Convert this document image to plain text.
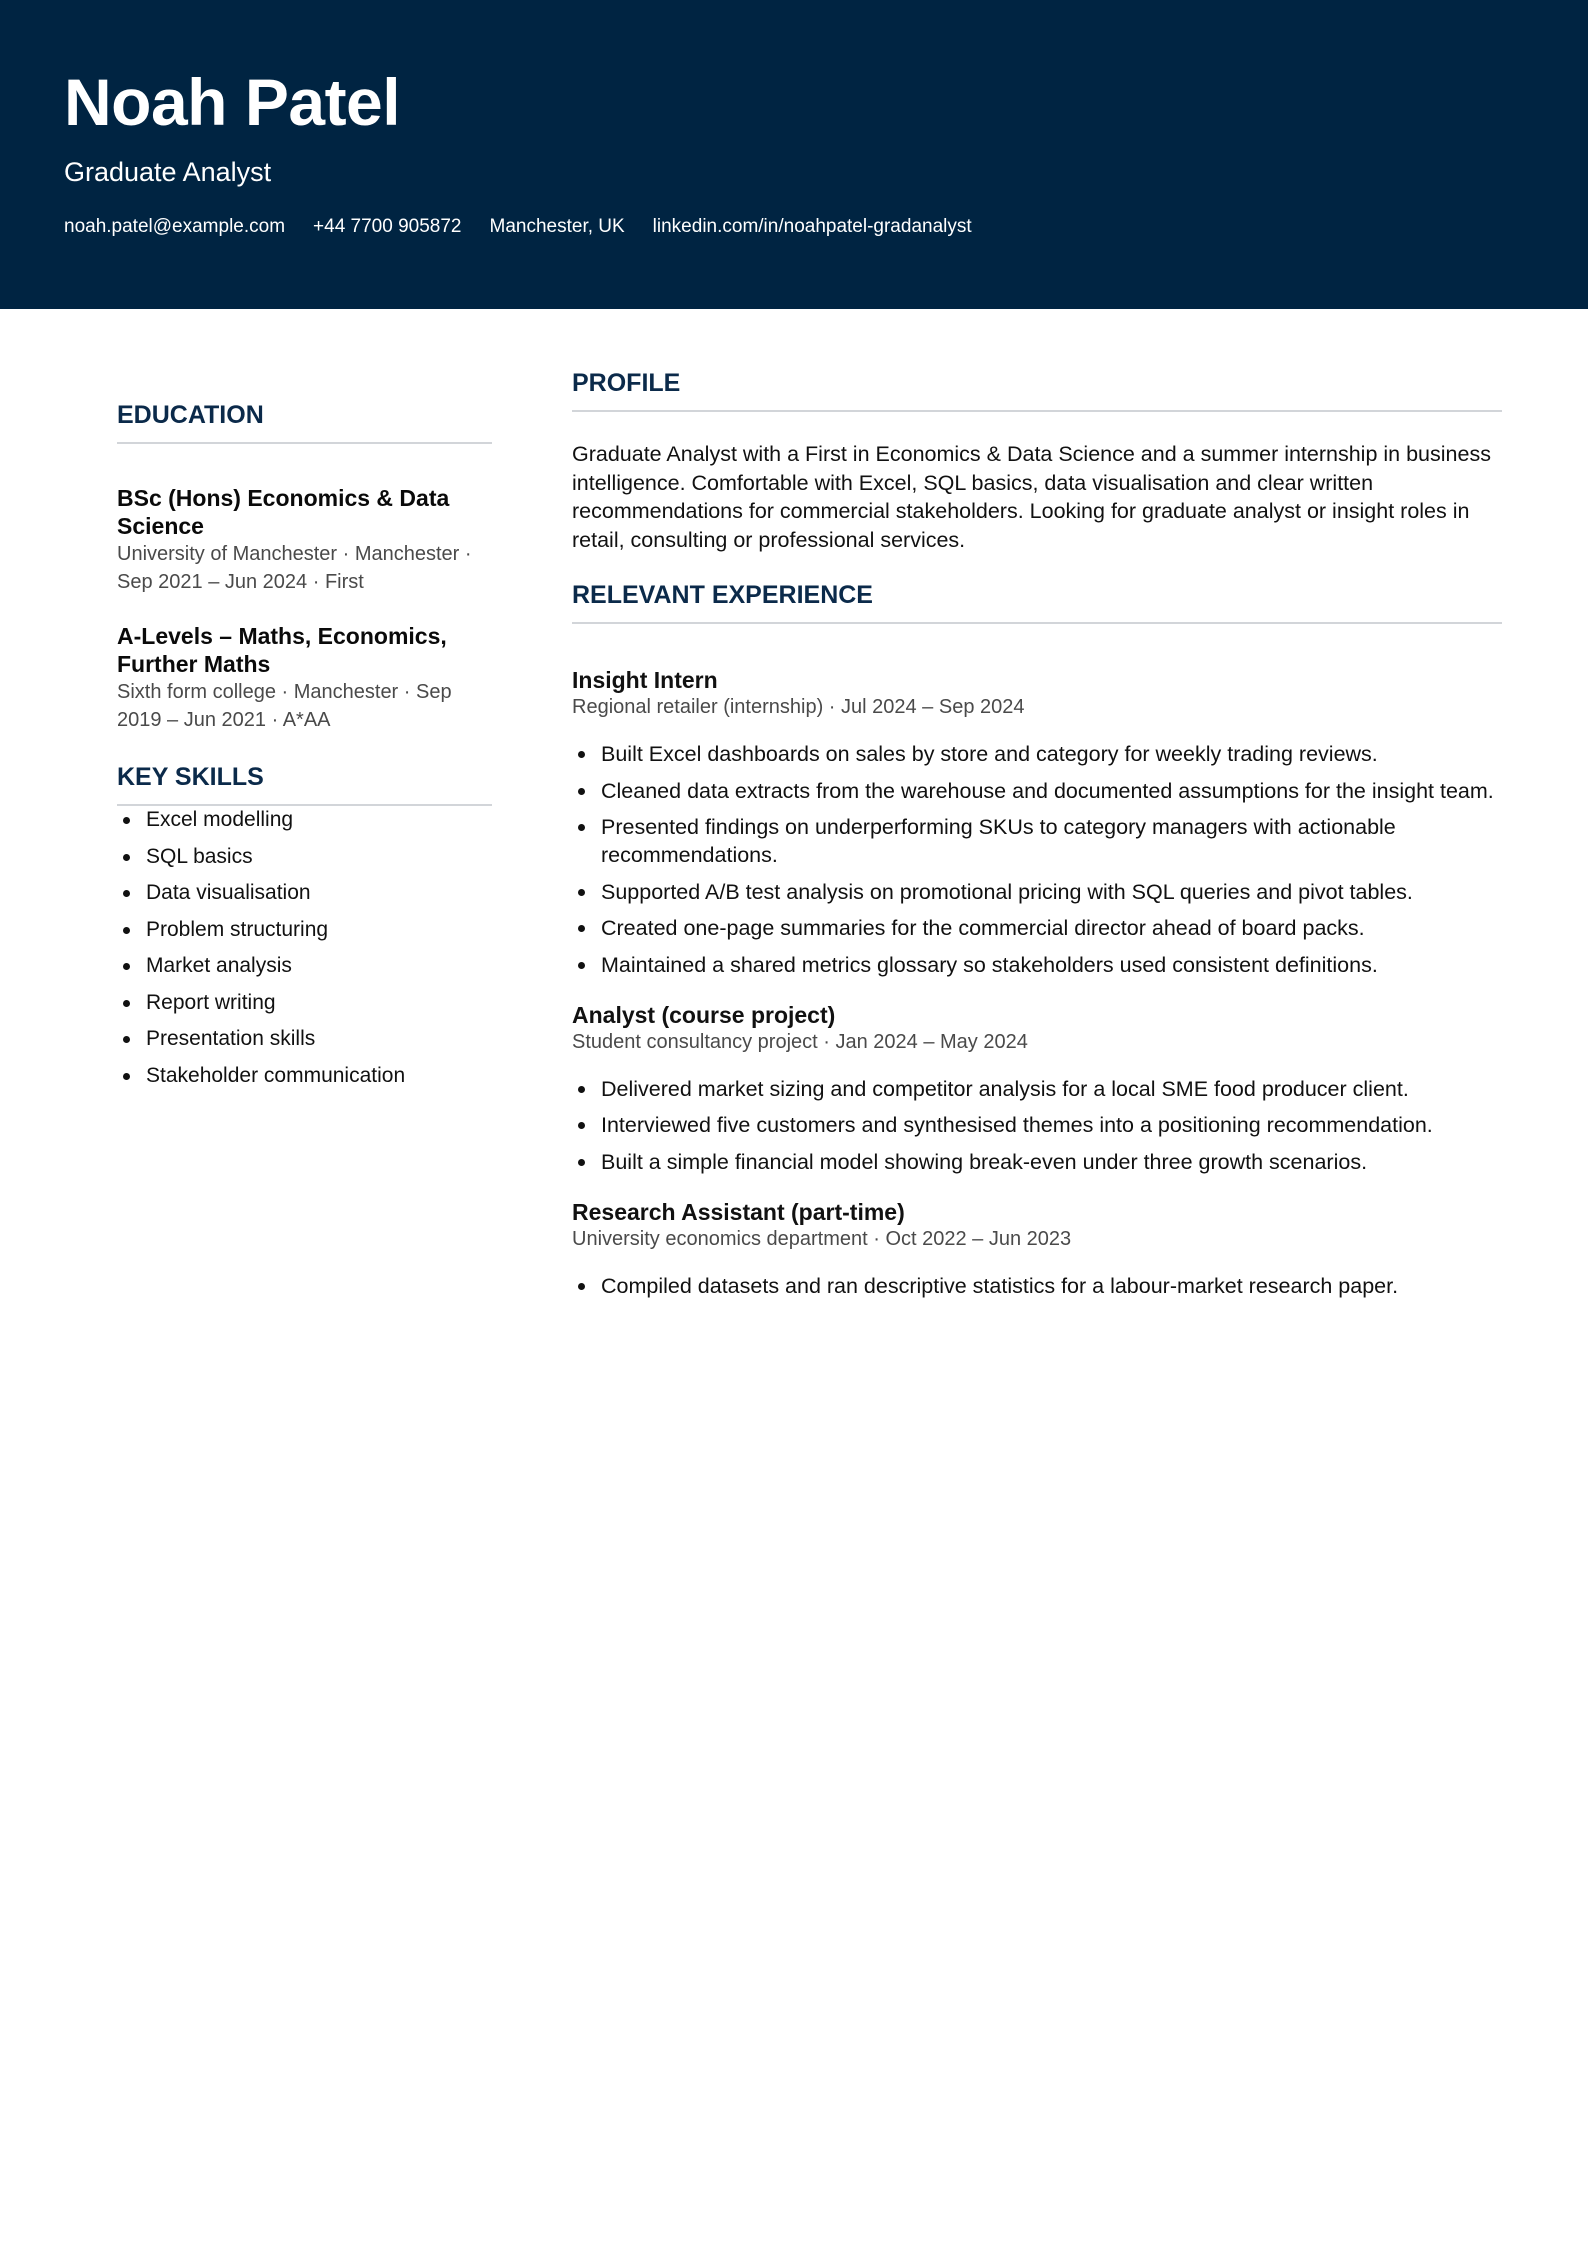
Noah Patel
Graduate Analyst
noah.patel@example.com +44 7700 905872 Manchester, UK linkedin.com/in/noahpatel-gradanalyst
EDUCATION
BSc (Hons) Economics & Data Science
University of Manchester · Manchester · Sep 2021 – Jun 2024 · First
A-Levels – Maths, Economics, Further Maths
Sixth form college · Manchester · Sep 2019 – Jun 2021 · A*AA
KEY SKILLS
Excel modelling
SQL basics
Data visualisation
Problem structuring
Market analysis
Report writing
Presentation skills
Stakeholder communication
PROFILE
Graduate Analyst with a First in Economics & Data Science and a summer internship in business intelligence. Comfortable with Excel, SQL basics, data visualisation and clear written recommendations for commercial stakeholders. Looking for graduate analyst or insight roles in retail, consulting or professional services.
RELEVANT EXPERIENCE
Insight Intern
Regional retailer (internship) · Jul 2024 – Sep 2024
Built Excel dashboards on sales by store and category for weekly trading reviews.
Cleaned data extracts from the warehouse and documented assumptions for the insight team.
Presented findings on underperforming SKUs to category managers with actionable recommendations.
Supported A/B test analysis on promotional pricing with SQL queries and pivot tables.
Created one-page summaries for the commercial director ahead of board packs.
Maintained a shared metrics glossary so stakeholders used consistent definitions.
Analyst (course project)
Student consultancy project · Jan 2024 – May 2024
Delivered market sizing and competitor analysis for a local SME food producer client.
Interviewed five customers and synthesised themes into a positioning recommendation.
Built a simple financial model showing break-even under three growth scenarios.
Research Assistant (part-time)
University economics department · Oct 2022 – Jun 2023
Compiled datasets and ran descriptive statistics for a labour-market research paper.
